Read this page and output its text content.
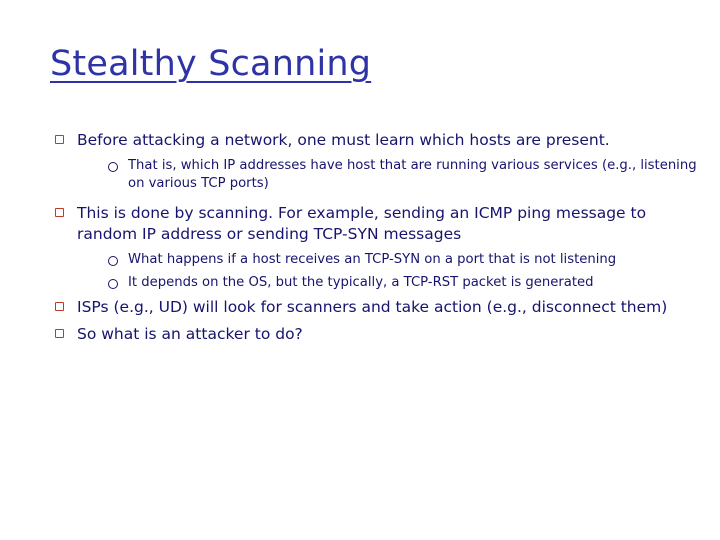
Stealthy Scanning
Before attacking a network, one must learn which hosts are present.
That is, which IP addresses have host that are running various services (e.g., listening on various TCP ports)
This is done by scanning. For example, sending an ICMP ping message to random IP address or sending TCP-SYN messages
What happens if a host receives an TCP-SYN on a port that is not listening
It depends on the OS, but the typically, a TCP-RST packet is generated
ISPs (e.g., UD) will look for scanners and take action (e.g., disconnect them)
So what is an attacker to do?
